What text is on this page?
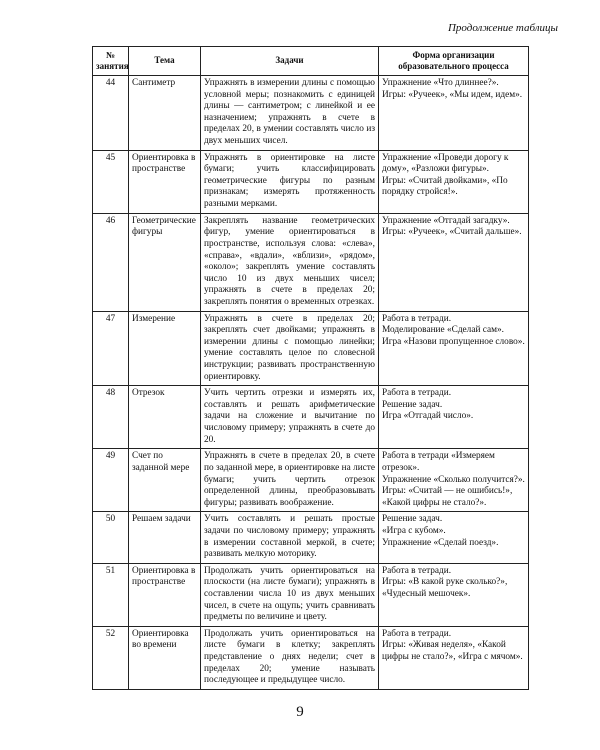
Продолжение таблицы
№ занятия	Тема	Задачи	Форма организации образовательного процесса
44	Сантиметр	Упражнять в измерении длины с помощью условной меры; познакомить с единицей длины — сантиметром; с линейкой и ее назначением; упражнять в счете в пределах 20, в умении составлять число из двух меньших чисел.	Упражнение «Что длиннее?».
Игры: «Ручеек», «Мы идем, идем».

45	Ориентировка в пространстве	Упражнять в ориентировке на листе бумаги; учить классифицировать геометрические фигуры по разным признакам; измерять протяженность разными мерками.	Упражнение «Проведи дорогу к дому», «Разложи фигуры».
Игры: «Считай двойками», «По порядку стройся!».

46	Геометрические фигуры	Закреплять название геометрических фигур, умение ориентироваться в пространстве, используя слова: «слева», «справа», «вдали», «вблизи», «рядом», «около»; закреплять умение составлять число 10 из двух меньших чисел; упражнять в счете в пределах 20; закреплять понятия о временных отрезках.	Упражнение «Отгадай загадку».
Игры: «Ручеек», «Считай дальше».

47	Измерение	Упражнять в счете в пределах 20; закреплять счет двойками; упражнять в измерении длины с помощью линейки; умение составлять целое по словесной инструкции; развивать пространственную ориентировку.	Работа в тетради.
Моделирование «Сделай сам».
Игра «Назови пропущенное слово».

48	Отрезок	Учить чертить отрезки и измерять их, составлять и решать арифметические задачи на сложение и вычитание по числовому примеру; упражнять в счете до 20.	Работа в тетради.
Решение задач.
Игра «Отгадай число».

49	Счет по заданной мере	Упражнять в счете в пределах 20, в счете по заданной мере, в ориентировке на листе бумаги; учить чертить отрезок определенной длины, преобразовывать фигуры; развивать воображение.	Работа в тетради «Измеряем отрезок».
Упражнение «Сколько получится?».
Игры: «Считай — не ошибись!», «Какой цифры не стало?».

50	Решаем задачи	Учить составлять и решать простые задачи по числовому примеру; упражнять в измерении составной меркой, в счете; развивать мелкую моторику.	Решение задач.
«Игра с кубом».
Упражнение «Сделай поезд».

51	Ориентировка в пространстве	Продолжать учить ориентироваться на плоскости (на листе бумаги); упражнять в составлении числа 10 из двух меньших чисел, в счете на ощупь; учить сравнивать предметы по величине и цвету.	Работа в тетради.
Игры: «В какой руке сколько?», «Чудесный мешочек».

52	Ориентировка во времени	Продолжать учить ориентироваться на листе бумаги в клетку; закреплять представление о днях недели; счет в пределах 20; умение называть последующее и предыдущее число.	Работа в тетради.
Игры: «Живая неделя», «Какой цифры не стало?», «Игра с мячом».
9
